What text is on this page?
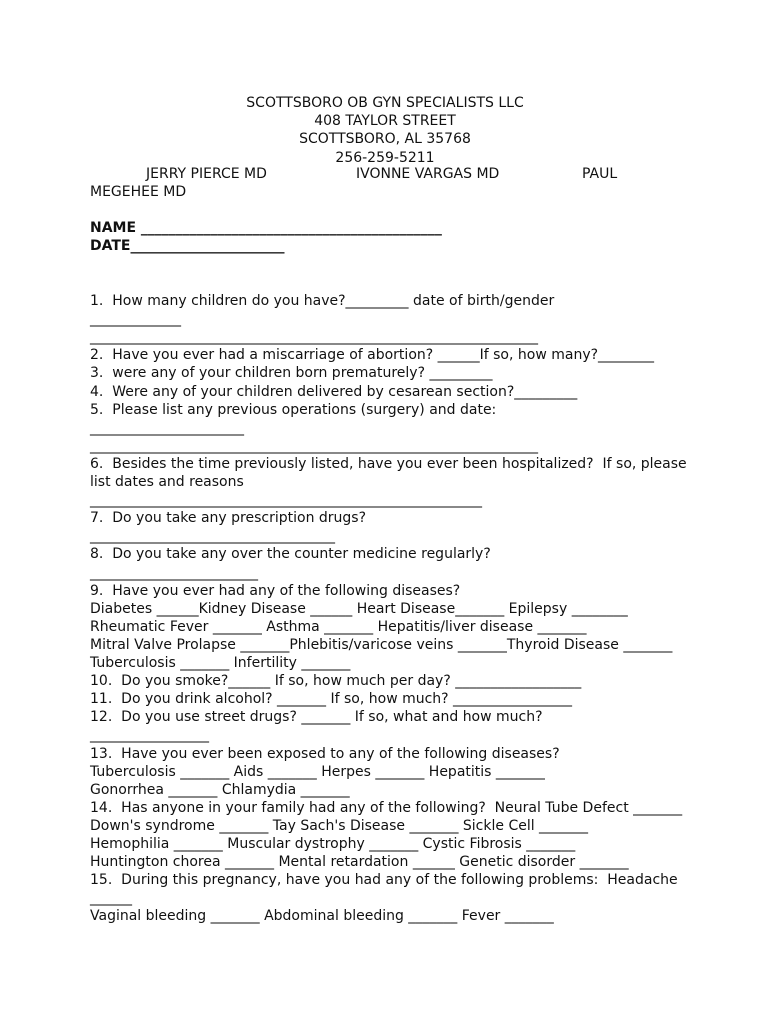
SCOTTSBORO OB GYN SPECIALISTS LLC
408 TAYLOR STREET
SCOTTSBORO, AL 35768
256-259-5211
JERRY PIERCE MD	IVONNE VARGAS MD	PAUL
MEGEHEE MD
NAME ___________________________________________
DATE______________________
1.  How many children do you have?_________ date of birth/gender
_____________
________________________________________________________________
2.  Have you ever had a miscarriage of abortion? ______If so, how many?________
3.  were any of your children born prematurely? _________
4.  Were any of your children delivered by cesarean section?_________
5.  Please list any previous operations (surgery) and date:
______________________
________________________________________________________________
6.  Besides the time previously listed, have you ever been hospitalized?  If so, please
list dates and reasons
________________________________________________________
7.  Do you take any prescription drugs?
___________________________________
8.  Do you take any over the counter medicine regularly?
________________________
9.  Have you ever had any of the following diseases?
Diabetes ______Kidney Disease ______ Heart Disease_______ Epilepsy ________
Rheumatic Fever _______ Asthma _______ Hepatitis/liver disease _______
Mitral Valve Prolapse _______Phlebitis/varicose veins _______Thyroid Disease _______
Tuberculosis _______ Infertility _______
10.  Do you smoke?______ If so, how much per day? __________________
11.  Do you drink alcohol? _______ If so, how much? _________________
12.  Do you use street drugs? _______ If so, what and how much?
_________________
13.  Have you ever been exposed to any of the following diseases?
Tuberculosis _______ Aids _______ Herpes _______ Hepatitis _______
Gonorrhea _______ Chlamydia _______
14.  Has anyone in your family had any of the following?  Neural Tube Defect _______
Down's syndrome _______ Tay Sach's Disease _______ Sickle Cell _______
Hemophilia _______ Muscular dystrophy _______ Cystic Fibrosis _______
Huntington chorea _______ Mental retardation ______ Genetic disorder _______
15.  During this pregnancy, have you had any of the following problems:  Headache
______
Vaginal bleeding _______ Abdominal bleeding _______ Fever _______
